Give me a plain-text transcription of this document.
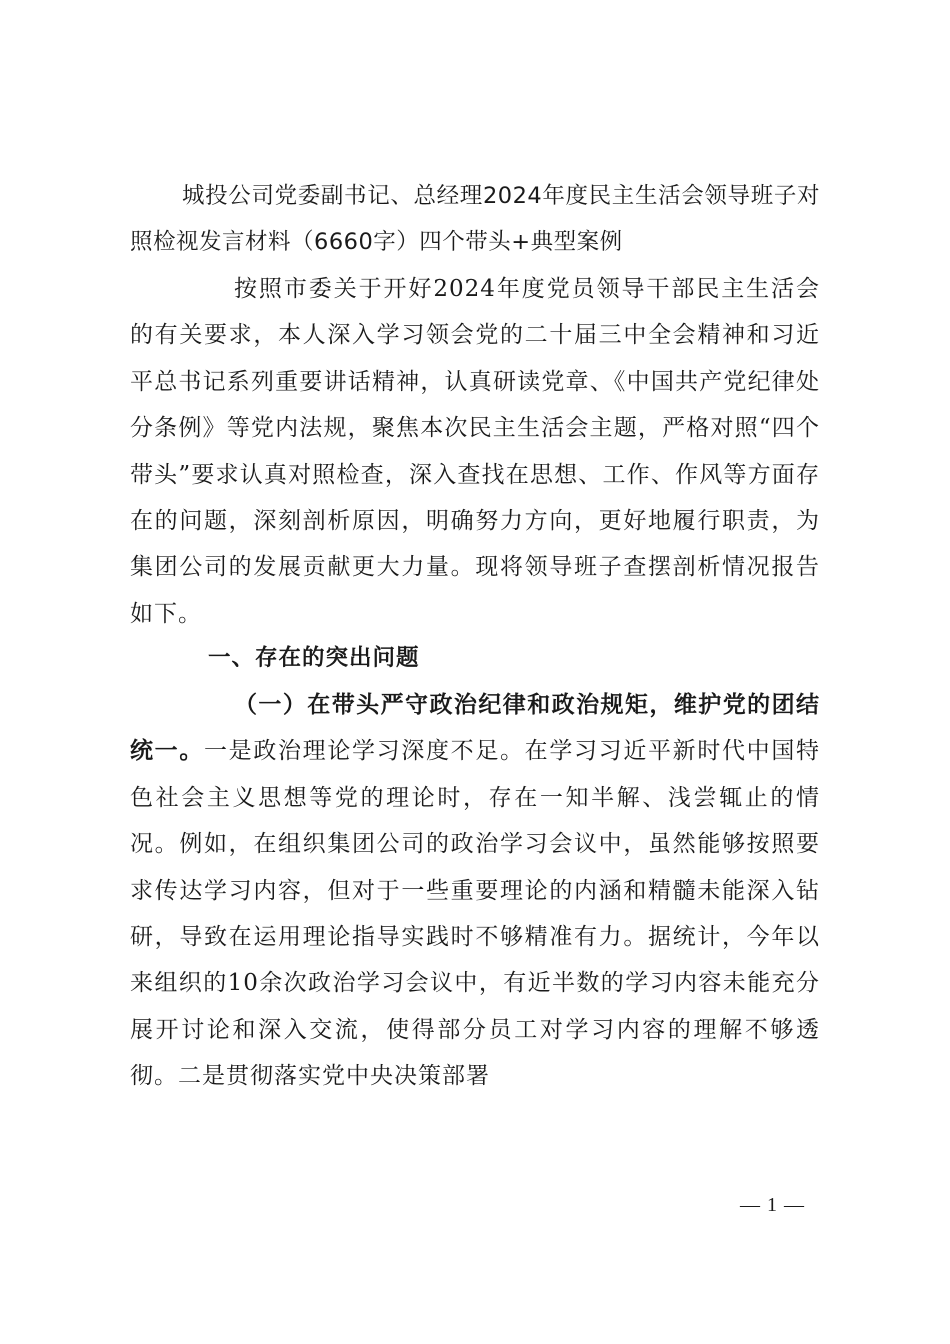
城投公司党委副书记、总经理2024年度民主生活会领导班子对照检视发言材料（6660字）四个带头+典型案例

按照市委关于开好2024年度党员领导干部民主生活会的有关要求，本人深入学习领会党的二十届三中全会精神和习近平总书记系列重要讲话精神，认真研读党章、《中国共产党纪律处分条例》等党内法规，聚焦本次民主生活会主题，严格对照“四个带头”要求认真对照检查，深入查找在思想、工作、作风等方面存在的问题，深刻剖析原因，明确努力方向，更好地履行职责，为集团公司的发展贡献更大力量。现将领导班子查摆剖析情况报告如下。

一、存在的突出问题

（一）在带头严守政治纪律和政治规矩，维护党的团结统一。一是政治理论学习深度不足。在学习习近平新时代中国特色社会主义思想等党的理论时，存在一知半解、浅尝辄止的情况。例如，在组织集团公司的政治学习会议中，虽然能够按照要求传达学习内容，但对于一些重要理论的内涵和精髓未能深入钻研，导致在运用理论指导实践时不够精准有力。据统计，今年以来组织的10余次政治学习会议中，有近半数的学习内容未能充分展开讨论和深入交流，使得部分员工对学习内容的理解不够透彻。二是贯彻落实党中央决策部署

— 1 —
